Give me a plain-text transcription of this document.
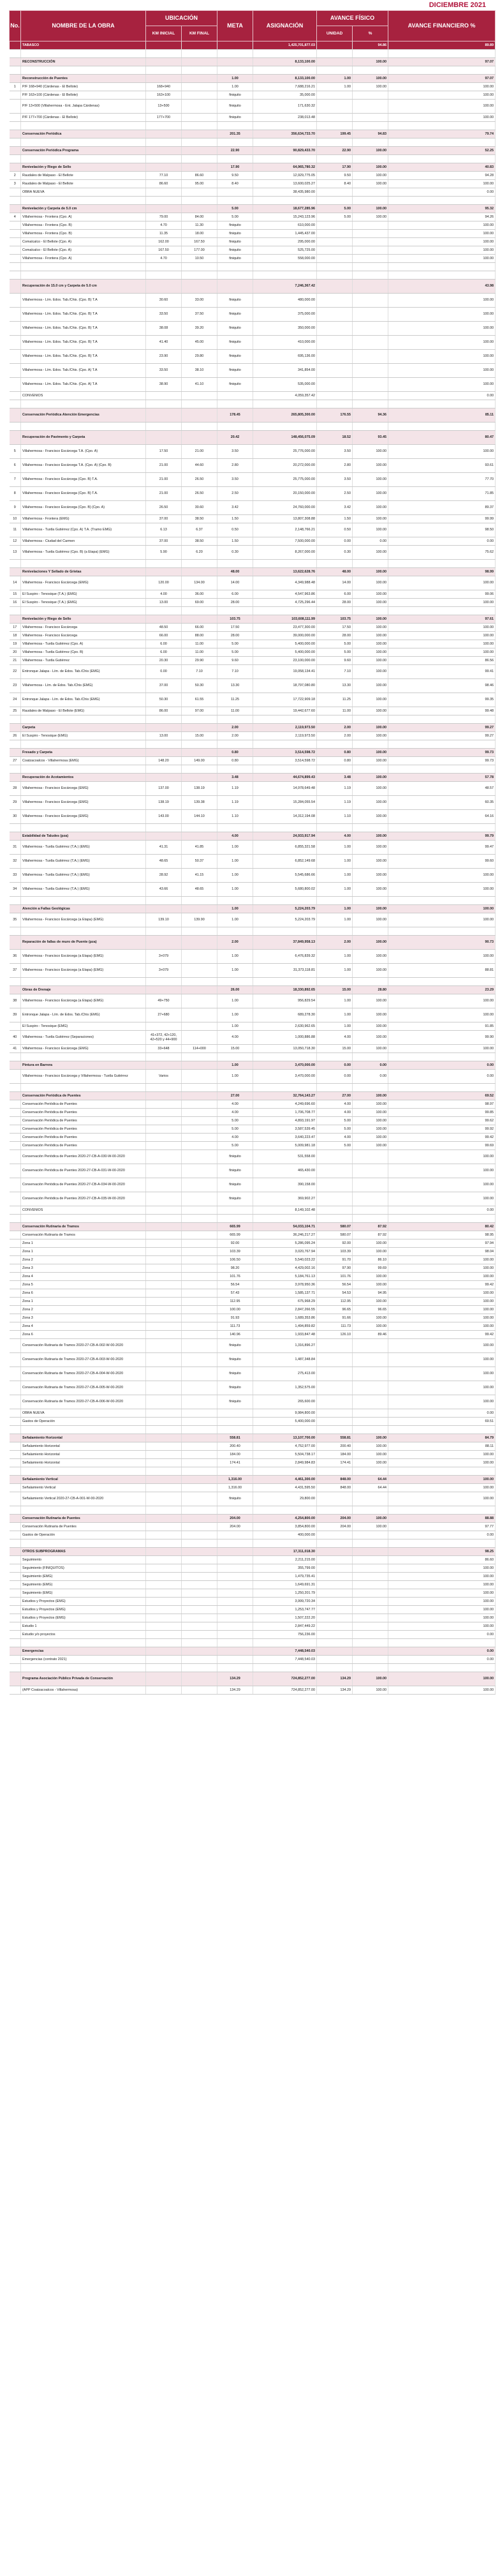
DICIEMBRE 2021
No.	NOMBRE DE LA OBRA	UBICACIÓN		META	ASIGNACIÓN	AVANCE FÍSICO		AVANCE FINANCIERO %
		KM INICIAL	KM FINAL			UNIDAD	%	
	TABASCO				1,425,701,877.03		94.86	89.89

	RECONSTRUCCIÓN				8,133,100.00		100.00	97.07

	Reconstrucción de Puentes			1.00	8,133,100.00	1.00	100.00	97.07
1	P/F 168+940 (Cárdenas - El Bellote)	168+940		1.00	7,688,216.21	1.00	100.00	100.00
	P/F 163+100 (Cárdenas - El Bellote)	163+100		finiquito	35,000.00			100.00
	P/F 13+500 (Villahermosa - Ent. Jalapa Cárdenas)	13+500		finiquito	171,630.32			100.00
	P/F 177+700 (Cárdenas - El Bellote)	177+700		finiquito	238,013.48			100.00

	Conservación Periódica			201.35	356,634,733.70	199.45	94.83	79.74

	Conservación Periódica Programa			22.90	90,829,433.70	22.90	100.00	52.25

	Renivelación y Riego de Sello			17.90	64,965,780.32	17.90	100.00	40.83
2	Raudales de Malpaso - El Bellote	77.10	86.60	9.50	12,929,775.05	9.50	100.00	94.28
3	Raudales de Malpaso - El Bellote	86.60	95.00	8.40	13,600,025.27	8.40	100.00	100.00
	OBRA NUEVA				38,435,980.00			0.00

	Renivelación y Carpeta de 5.0 cm			5.00	18,677,285.96	5.00	100.00	95.32
4	Villahermosa - Frontera (Cpo. A)	79.00	84.00	5.00	15,243,123.96	5.00	100.00	94.26
	Villahermosa - Frontera (Cpo. B)	4.70	11.30	finiquito	610,000.00			100.00
	Villahermosa - Frontera (Cpo. B)	11.35	18.00	finiquito	1,445,437.00			100.00
	Comalcalco - El Bellote (Cpo. A)	162.00	167.50	finiquito	295,000.00			100.00
	Comalcalco - El Bellote (Cpo. A)	167.50	177.00	finiquito	525,725.00			100.00
	Villahermosa - Frontera (Cpo. A)	4.70	10.50	finiquito	558,000.00			100.00

	Recuperación de 15.0 cm y Carpeta de 5.0 cm				7,246,367.42			43.98
	Villahermosa - Lím. Edos. Tab./Chis. (Cpo. B) T.A	30.60	33.00	finiquito	480,000.00			100.00
	Villahermosa - Lím. Edos. Tab./Chis. (Cpo. B) T.A	33.50	37.50	finiquito	375,000.00			100.00
	Villahermosa - Lím. Edos. Tab./Chis. (Cpo. B) T.A	38.08	39.20	finiquito	350,000.00			100.00
	Villahermosa - Lím. Edos. Tab./Chis. (Cpo. B) T.A	41.40	45.00	finiquito	410,000.00			100.00
	Villahermosa - Lím. Edos. Tab./Chis. (Cpo. B) T.A	23.90	29.80	finiquito	695,136.00			100.00
	Villahermosa - Lím. Edos. Tab./Chis. (Cpo. A) T.A	33.50	38.10	finiquito	341,854.00			100.00
	Villahermosa - Lím. Edos. Tab./Chis. (Cpo. A) T.A	38.90	41.10	finiquito	535,000.00			100.00
	CONVENIOS				4,059,357.42			0.00

	Conservación Periódica Atención Emergencias			178.45	265,805,300.00	176.55	94.36	85.11

	Recuperación de Pavimento y Carpeta			20.42	148,456,075.09	18.52	93.45	80.47
5	Villahermosa - Francisco Escárcega T.A. (Cpo. A)	17.50	21.00	3.50	25,776,000.00	3.50	100.00	100.00
6	Villahermosa - Francisco Escárcega T.A. (Cpo. A) (Cpo. B)	21.00	44.60	2.80	20,272,000.00	2.80	100.00	93.61
7	Villahermosa - Francisco Escárcega (Cpo. B) T.A.	21.00	26.50	3.50	25,775,000.00	3.50	100.00	77.70
8	Villahermosa - Francisco Escárcega (Cpo. B) T.A.	21.00	26.50	2.50	20,150,000.00	2.50	100.00	71.85
9	Villahermosa - Francisco Escárcega (Cpo. B) (Cpo. A)	26.50	30.60	3.42	24,760,000.00	3.42	100.00	89.37
10	Villahermosa - Frontera (EMG)	37.00	38.50	1.50	13,807,308.88	1.50	100.00	99.99
11	Villahermosa - Tuxtla Gutiérrez (Cpo. A) T.A. (Tramo EMG)	6.13	6.37	0.50	2,148,766.21	0.50	100.00	98.50
12	Villahermosa - Ciudad del Carmen	37.00	38.50	1.50	7,500,000.00	0.00	0.00	0.00
13	Villahermosa - Tuxtla Gutiérrez (Cpo. B) (a Etapa) (EMG)	5.90	6.20	0.30	8,267,000.00	0.30	100.00	75.62

	Renivelaciones Y Sellado de Grietas			48.00	13,622,628.76	48.00	100.00	98.99
14	Villahermosa - Francisco Escárcega (EMG)	120.00	134.00	14.00	4,349,988.48	14.00	100.00	100.00
15	El Suspiro - Tenosique (T.A.) (EMG)	4.00	36.00	6.00	4,547,963.86	6.00	100.00	99.06
16	El Suspiro - Tenosique (T.A.) (EMG)	13.00	69.00	28.00	4,725,296.44	28.00	100.00	100.00

	Renivelación y Riego de Sello			103.75	103,608,111.99	103.75	100.00	97.61
17	Villahermosa - Francisco Escárcega	48.50	66.00	17.50	23,477,300.00	17.50	100.00	100.00
18	Villahermosa - Francisco Escárcega	66.00	88.00	28.00	39,000,000.00	28.00	100.00	100.00
19	Villahermosa - Tuxtla Gutiérrez (Cpo. A)	6.00	11.00	5.00	5,400,000.00	5.00	100.00	100.00
20	Villahermosa - Tuxtla Gutiérrez (Cpo. B)	6.00	11.00	5.00	5,400,000.00	5.00	100.00	100.00
21	Villahermosa - Tuxtla Gutiérrez	20.30	29.90	9.60	23,100,000.00	9.60	100.00	86.56
22	Entronque Jalapa - Lím. de Edos. Tab./Chis (EMG)	0.00	7.10	7.10	19,058,134.41	7.10	100.00	99.41
23	Villahermosa - Lím. de Edos. Tab./Chis (EMG)	37.00	50.30	13.30	18,797,080.80	13.30	100.00	98.46
24	Entronque Jalapa - Lím. de Edos. Tab./Chis (EMG)	50.30	61.55	11.25	17,722,909.18	11.25	100.00	99.35
25	Raudales de Malpaso - El Bellote (EMG)	86.00	97.00	11.00	19,442,677.60	11.00	100.00	99.48

	Carpeta			2.00	2,119,973.50	2.00	100.00	99.27
26	El Suspiro - Tenosique (EMG)	13.00	15.00	2.00	2,119,973.50	2.00	100.00	99.27

	Fresado y Carpeta			0.80	3,514,598.72	0.80	100.00	99.73
27	Coatzacoalcos - Villahermosa (EMG)	148.20	149.00	0.80	3,514,598.72	0.80	100.00	99.73

	Recuperación de Acotamientos			3.48	44,674,899.43	3.48	100.00	57.78
28	Villahermosa - Francisco Escárcega (EMG)	137.00	138.19	1.19	14,978,649.48	1.19	100.00	48.57
29	Villahermosa - Francisco Escárcega (EMG)	138.19	139.38	1.19	15,284,055.54	1.19	100.00	60.35
30	Villahermosa - Francisco Escárcega (EMG)	143.00	144.10	1.10	14,312,194.08	1.10	100.00	64.16

	Estabilidad de Taludes (pza)			4.00	24,933,917.94	4.00	100.00	99.79
31	Villahermosa - Tuxtla Gutiérrez (T.A.) (EMG)	41.31	41.85	1.00	6,855,321.58	1.00	100.00	99.47
32	Villahermosa - Tuxtla Gutiérrez (T.A.) (EMG)	48.65	50.37	1.00	6,852,149.68	1.00	100.00	99.60
33	Villahermosa - Tuxtla Gutiérrez (T.A.) (EMG)	28.92	41.15	1.00	5,545,686.66	1.00	100.00	100.00
34	Villahermosa - Tuxtla Gutiérrez (T.A.) (EMG)	43.66	48.65	1.00	5,680,800.02	1.00	100.00	100.00

	Atención a Fallas Geológicas			1.00	5,224,203.79	1.00	100.00	100.00
35	Villahermosa - Francisco Escárcega (a Etapa) (EMG)	139.10	139.90	1.00	5,224,203.79	1.00	100.00	100.00

	Reparación de fallas de muro de Puente (pza)			2.00	37,849,958.13	2.00	100.00	90.73
36	Villahermosa - Francisco Escárcega (a Etapa) (EMG)	3+079		1.00	6,476,839.32	1.00	100.00	100.00
37	Villahermosa - Francisco Escárcega (a Etapa) (EMG)	3+079		1.00	31,373,118.81	1.00	100.00	88.81

	Obras de Drenaje			26.00	18,330,892.65	15.00	28.80	23.29
38	Villahermosa - Francisco Escárcega (a Etapa) (EMG)	49+750		1.00	956,829.54	1.00	100.00	100.00
39	Entronque Jalapa - Lím. de Edos. Tab./Chis (EMG)	27+680		1.00	689,278.30	1.00	100.00	100.00
	El Suspiro - Tenosique (EMG)			1.00	2,630,962.65	1.00	100.00	91.85
40	Villahermosa - Tuxtla Gutiérrez (Separaciones)	41+372, 42+120, 42+520 y 44+900		4.00	1,000,886.88	4.00	100.00	99.90
41	Villahermosa - Francisco Escárcega (EMG)	33+648	114+000	15.00	13,050,718.30	15.00	100.00	100.00

	Pintura en Barrera			1.00	3,470,000.00	0.00	0.00	0.00
	Villahermosa - Francisco Escárcega y Villahermosa - Tuxtla Gutiérrez	Varios		1.00	3,470,000.00	0.00	0.00	0.00

	Conservación Periódica de Puentes			27.00	32,764,143.27	27.00	100.00	69.52
	Conservación Periódica de Puentes			4.00	4,249,696.60	4.00	100.00	98.97
	Conservación Periódica de Puentes			4.00	1,706,708.77	4.00	100.00	99.85
	Conservación Periódica de Puentes			5.00	4,893,191.97	5.00	100.00	99.62
	Conservación Periódica de Puentes			5.00	3,587,539.45	5.00	100.00	99.92
	Conservación Periódica de Puentes			4.00	3,640,223.47	4.00	100.00	99.42
	Conservación Periódica de Puentes			5.00	5,009,981.18	5.00	100.00	99.69
	Conservación Periódica de Puentes 2020-27-CB-A-030-W-00-2020			finiquito	531,558.00			100.00
	Conservación Periódica de Puentes 2020-27-CB-A-031-W-00-2020			finiquito	465,430.00			100.00
	Conservación Periódica de Puentes 2020-27-CB-A-034-W-00-2020			finiquito	390,158.00			100.00
	Conservación Periódica de Puentes 2020-27-CB-A-035-W-00-2020			finiquito	369,902.27			100.00
	CONVENIOS				8,149,102.48			0.00

	Conservación Rutinaria de Tramos			665.99	54,033,104.71	580.07	87.92	80.42
	Conservación Rutinaria de Tramos			665.99	36,246,217.27	580.07	87.92	98.95
	Zona 1			92.00	5,286,095.24	92.00	100.00	97.94
	Zona 1			103.39	3,020,767.94	103.39	100.00	98.04
	Zona 2			106.50	5,540,023.22	91.70	86.10	100.00
	Zona 3			98.20	4,429,002.16	97.90	99.69	100.00
	Zona 4			101.76	5,184,761.13	101.76	100.00	100.00
	Zona 5			56.54	3,978,950.36	56.54	100.00	99.42
	Zona 6			57.43	1,585,137.71	54.53	94.95	100.00
	Zona 1			112.95	675,968.29	112.95	100.00	100.00
	Zona 2			100.00	2,847,266.55	96.65	96.65	100.00
	Zona 3			91.93	1,689,353.86	91.66	100.00	100.00
	Zona 4			111.73	1,494,859.82	111.73	100.00	100.00
	Zona 6			140.96	1,933,847.48	126.10	89.46	99.42
	Conservación Rutinaria de Tramos 2020-27-CB-A-002-W-00-2020			finiquito	1,316,896.27			100.00
	Conservación Rutinaria de Tramos 2020-27-CB-A-003-W-00-2020			finiquito	1,487,348.84			100.00
	Conservación Rutinaria de Tramos 2020-27-CB-A-004-W-00-2020			finiquito	275,413.00			100.00
	Conservación Rutinaria de Tramos 2020-27-CB-A-005-W-00-2020			finiquito	1,352,575.00			100.00
	Conservación Rutinaria de Tramos 2020-27-CB-A-006-W-00-2020			finiquito	265,600.00			100.00
	OBRA NUEVA				9,984,800.00			0.00
	Gastos de Operación				5,400,000.00			69.51

	Señalamiento Horizontal			558.81	13,107,700.00	558.81	100.00	84.79
	Señalamiento Horizontal			200.40	4,752,977.00	200.40	100.00	88.11
	Señalamiento Horizontal			184.00	5,504,738.17	184.00	100.00	100.00
	Señalamiento Horizontal			174.41	2,849,984.83	174.41	100.00	100.00

	Señalamiento Vertical			1,316.00	4,461,300.00	848.00	64.44	100.00
	Señalamiento Vertical			1,316.00	4,431,595.50	848.00	64.44	100.00
	Señalamiento Vertical 2020-27-CB-A-001-W-00-2020			finiquito	29,800.00			100.00

	Conservación Rutinaria de Puentes			204.00	4,254,800.00	204.00	100.00	88.88
	Conservación Rutinaria de Puentes			204.00	3,854,800.00	204.00	100.00	97.77
	Gastos de Operación				400,000.00			0.00

	OTROS SUBPROGRAMAS				17,311,018.30			98.25
	Seguimiento				2,211,215.00			86.60
	Seguimiento (FINIQUITOS)				355,799.00			100.00
	Seguimiento (EMG)				1,479,735.41			100.00
	Seguimiento (EMG)				1,649,691.31			100.00
	Seguimiento (EMG)				1,250,201.79			100.00
	Estudios y Proyectos (EMG)				3,999,720.34			100.00
	Estudios y Proyectos (EMG)				1,253,747.77			100.00
	Estudios y Proyectos (EMG)				1,507,222.20			100.00
	Estudio 1				2,847,449.22			100.00
	Estudio y/o proyectos				756,236.00			0.00

	Emergencias				7,448,540.03			0.00
	Emergencias (contrato 2021)				7,448,540.03			0.00

	Programa Asociación Público Privada de Conservación			134.29	724,852,277.00	134.29	100.00	100.00
	(APP Coatzacoalcos - Villahermosa)			134.29	724,852,277.00	134.29	100.00	100.00
